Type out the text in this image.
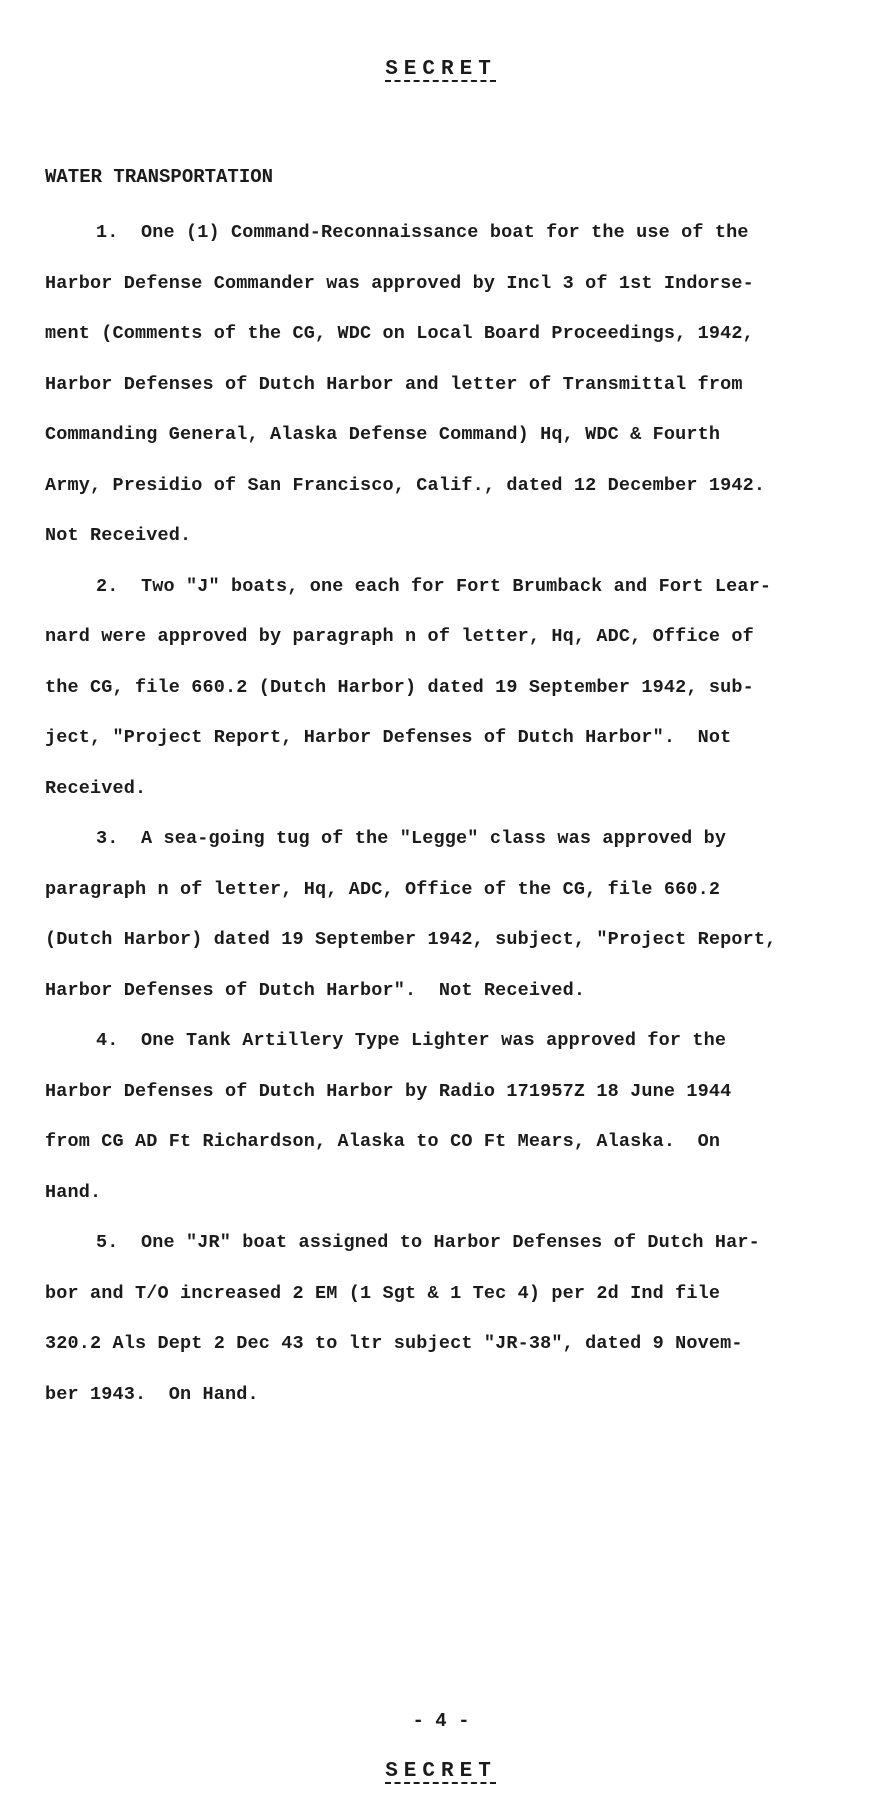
SECRET
WATER TRANSPORTATION
1.  One (1) Command-Reconnaissance boat for the use of the
Harbor Defense Commander was approved by Incl 3 of 1st Indorse-
ment (Comments of the CG, WDC on Local Board Proceedings, 1942,
Harbor Defenses of Dutch Harbor and letter of Transmittal from
Commanding General, Alaska Defense Command) Hq, WDC & Fourth
Army, Presidio of San Francisco, Calif., dated 12 December 1942.
Not Received.
2.  Two "J" boats, one each for Fort Brumback and Fort Lear-
nard were approved by paragraph n of letter, Hq, ADC, Office of
the CG, file 660.2 (Dutch Harbor) dated 19 September 1942, sub-
ject, "Project Report, Harbor Defenses of Dutch Harbor".  Not
Received.
3.  A sea-going tug of the "Legge" class was approved by
paragraph n of letter, Hq, ADC, Office of the CG, file 660.2
(Dutch Harbor) dated 19 September 1942, subject, "Project Report,
Harbor Defenses of Dutch Harbor".  Not Received.
4.  One Tank Artillery Type Lighter was approved for the
Harbor Defenses of Dutch Harbor by Radio 171957Z 18 June 1944
from CG AD Ft Richardson, Alaska to CO Ft Mears, Alaska.  On
Hand.
5.  One "JR" boat assigned to Harbor Defenses of Dutch Har-
bor and T/O increased 2 EM (1 Sgt & 1 Tec 4) per 2d Ind file
320.2 Als Dept 2 Dec 43 to ltr subject "JR-38", dated 9 Novem-
ber 1943.  On Hand.
- 4 -
SECRET
